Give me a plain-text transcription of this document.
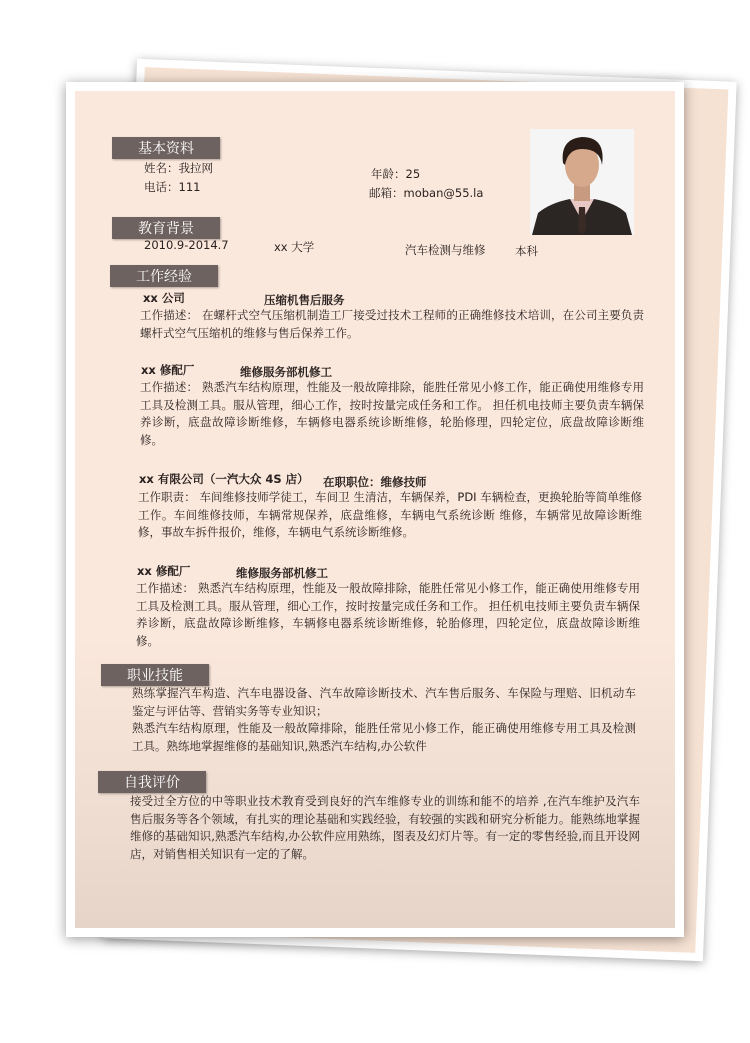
基本资料
姓名：我拉网
电话：111
年龄：25
邮箱：moban@55.la
教育背景
2010.9-2014.7	xx 大学	汽车检测与维修	本科
工作经验
xx 公司	压缩机售后服务
工作描述： 在螺杆式空气压缩机制造工厂接受过技术工程师的正确维修技术培训，在公司主要负责螺杆式空气压缩机的维修与售后保养工作。
xx 修配厂	维修服务部机修工
工作描述： 熟悉汽车结构原理，性能及一般故障排除，能胜任常见小修工作，能正确使用维修专用工具及检测工具。服从管理，细心工作，按时按量完成任务和工作。 担任机电技师主要负责车辆保养诊断，底盘故障诊断维修，车辆修电器系统诊断维修，轮胎修理，四轮定位，底盘故障诊断维修。
xx 有限公司（一汽大众 4S 店） 在职职位：维修技师
工作职责： 车间维修技师学徒工，车间卫 生清洁，车辆保养，PDI 车辆检查，更换轮胎等简单维修工作。车间维修技师，车辆常规保养，底盘维修，车辆电气系统诊断 维修，车辆常见故障诊断维修，事故车拆件报价，维修，车辆电气系统诊断维修。
xx 修配厂	维修服务部机修工
工作描述： 熟悉汽车结构原理，性能及一般故障排除，能胜任常见小修工作，能正确使用维修专用工具及检测工具。服从管理，细心工作，按时按量完成任务和工作。 担任机电技师主要负责车辆保养诊断，底盘故障诊断维修，车辆修电器系统诊断维修，轮胎修理，四轮定位，底盘故障诊断维修。
职业技能
熟练掌握汽车构造、汽车电器设备、汽车故障诊断技术、汽车售后服务、车保险与理赔、旧机动车鉴定与评估等、营销实务等专业知识；
熟悉汽车结构原理，性能及一般故障排除，能胜任常见小修工作，能正确使用维修专用工具及检测工具。熟练地掌握维修的基础知识,熟悉汽车结构,办公软件
自我评价
接受过全方位的中等职业技术教育受到良好的汽车维修专业的训练和能不的培养 ,在汽车维护及汽车售后服务等各个领域，有扎实的理论基础和实践经验，有较强的实践和研究分析能力。能熟练地掌握维修的基础知识,熟悉汽车结构,办公软件应用熟练，图表及幻灯片等。有一定的零售经验,而且开设网店，对销售相关知识有一定的了解。
